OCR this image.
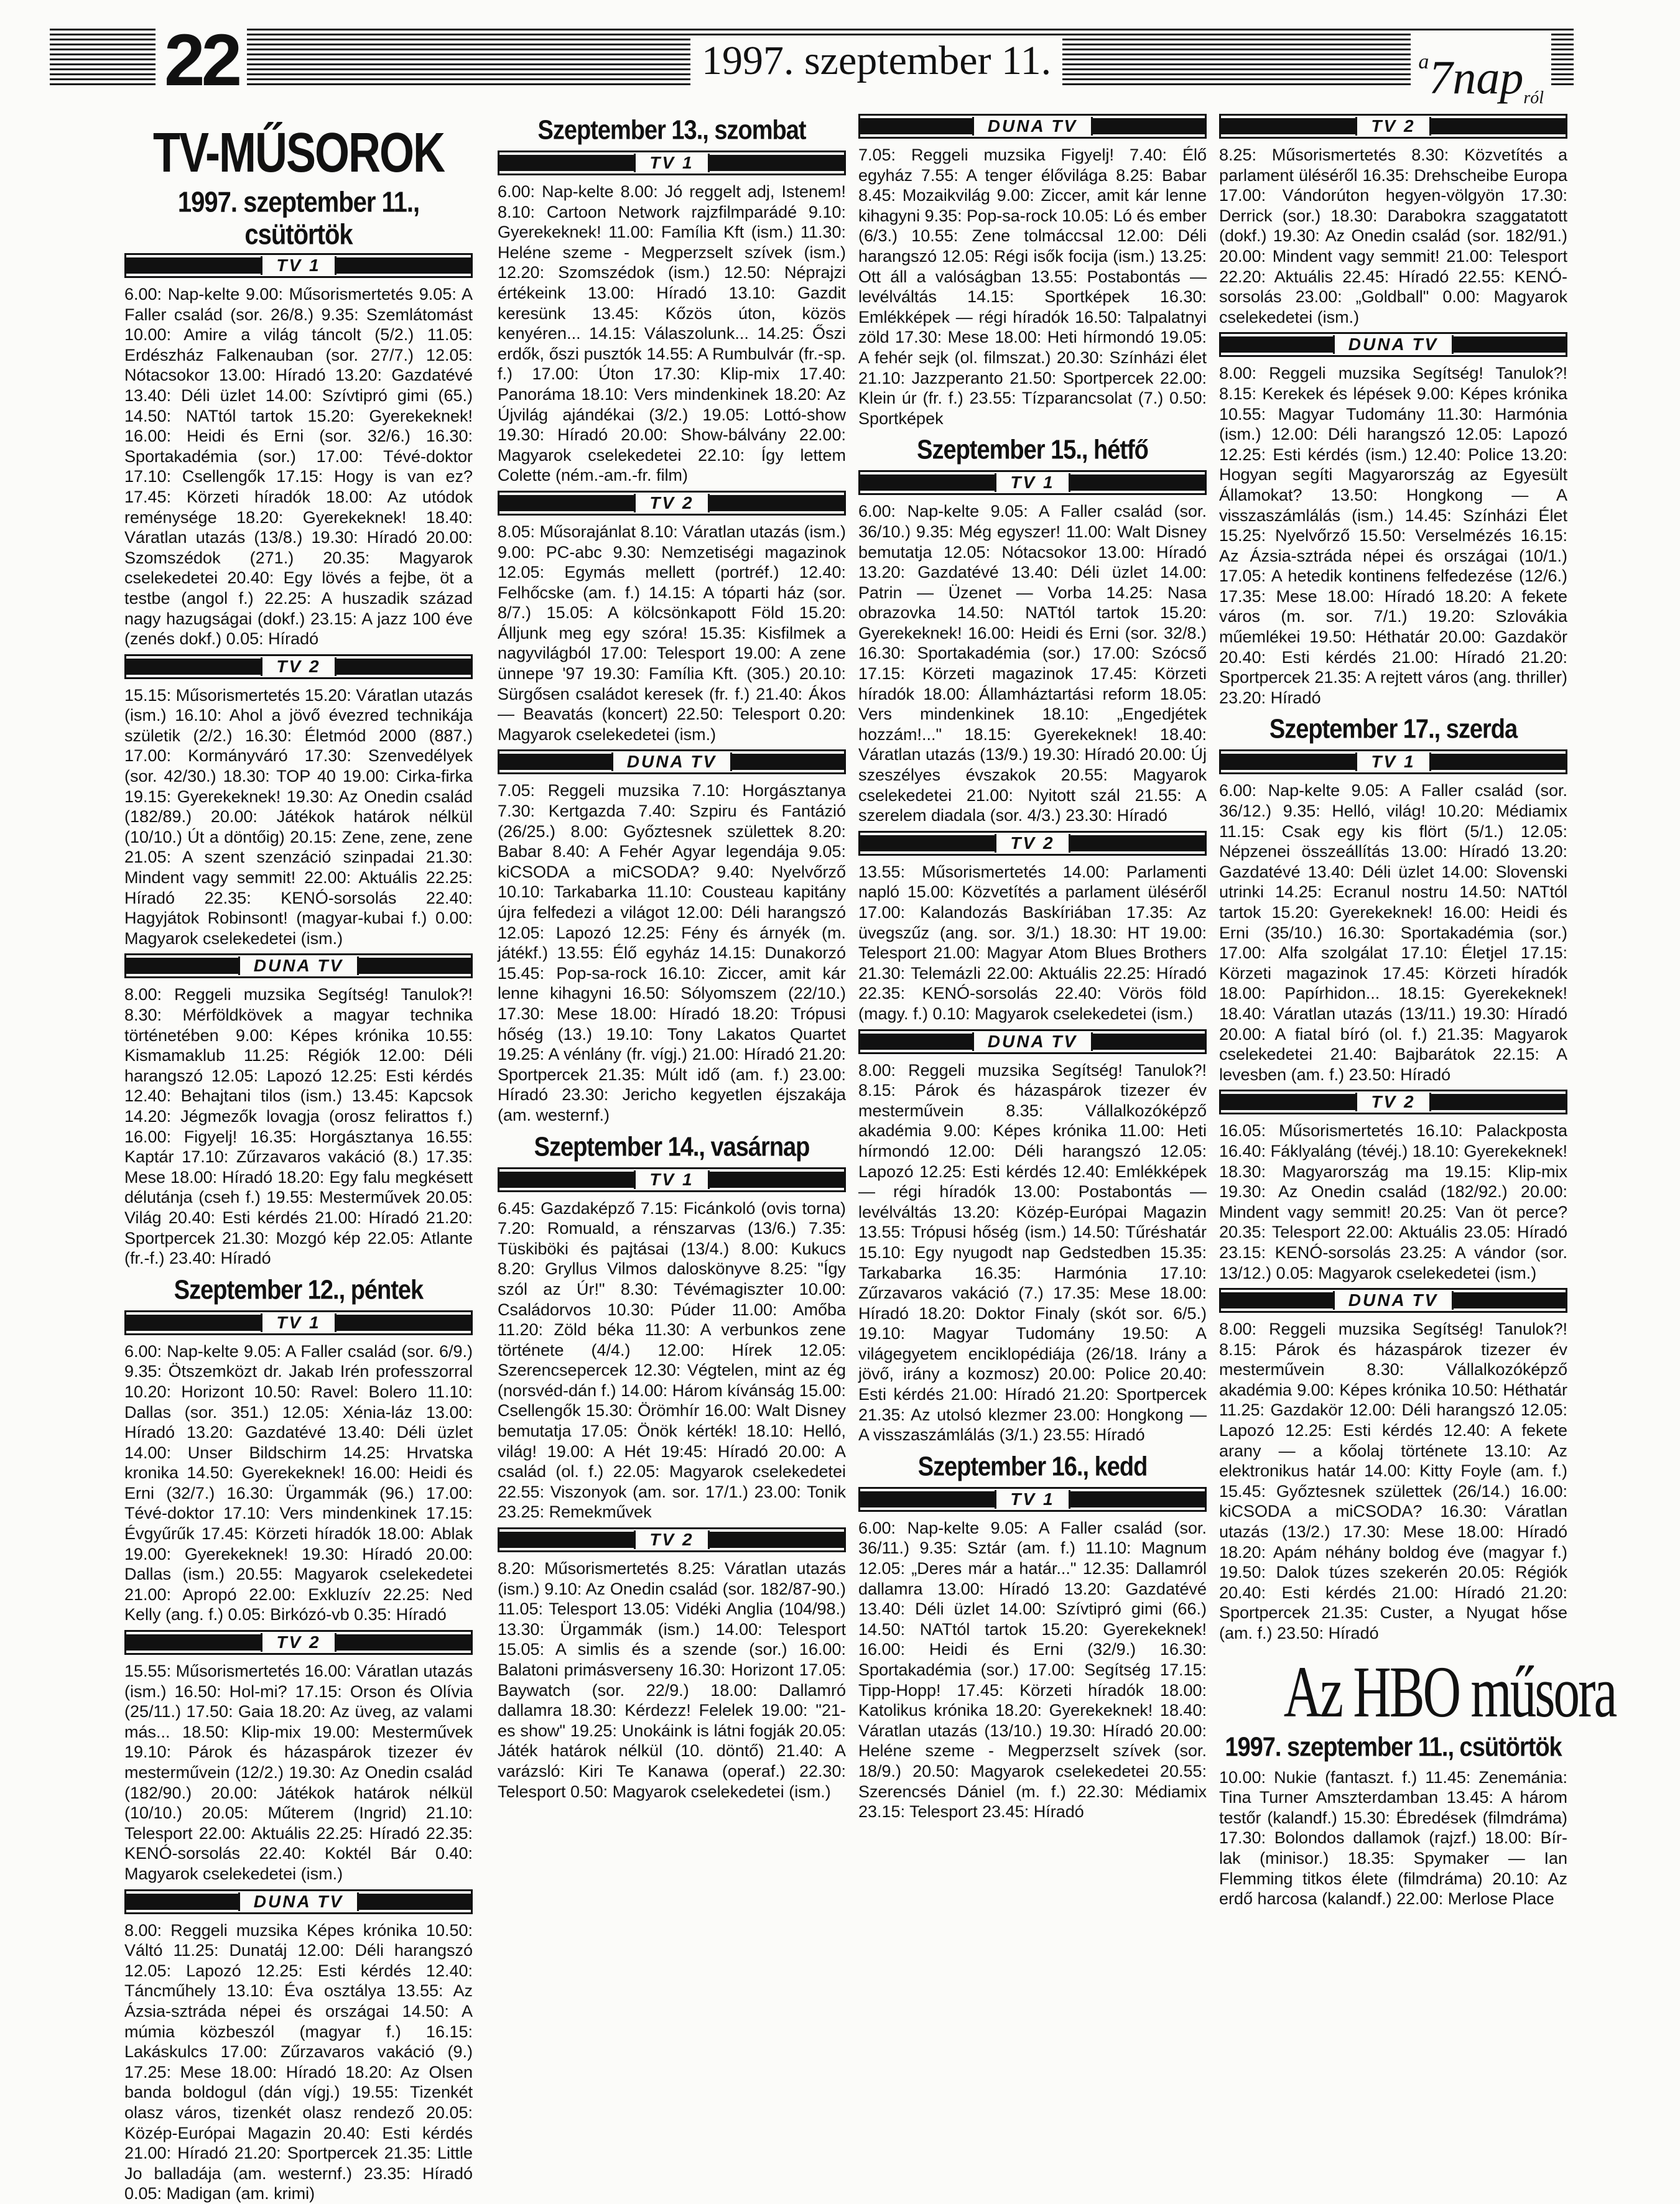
22	1997. szeptember 11.	$^a$7nap$_{ról}$
TV-MŰSOROK
1997. szeptember 11., csütörtök
TV 1
6.00: Nap-kelte 9.00: Műsorismertetés 9.05: A Faller család (sor. 26/8.) 9.35: Szemlátomást 10.00: Amire a világ táncolt (5/2.) 11.05: Erdészház Falkenauban (sor. 27/7.) 12.05: Nótacsokor 13.00: Híradó 13.20: Gazdatévé 13.40: Déli üzlet 14.00: Szívtipró gimi (65.) 14.50: NATtól tartok 15.20: Gyerekeknek! 16.00: Heidi és Erni (sor. 32/6.) 16.30: Sportakadémia (sor.) 17.00: Tévé-doktor 17.10: Csellengők 17.15: Hogy is van ez? 17.45: Körzeti híradók 18.00: Az utódok reménysége 18.20: Gyerekeknek! 18.40: Váratlan utazás (13/8.) 19.30: Híradó 20.00: Szomszédok (271.) 20.35: Magyarok cselekedetei 20.40: Egy lövés a fejbe, öt a testbe (angol f.) 22.25: A huszadik század nagy hazugságai (dokf.) 23.15: A jazz 100 éve (zenés dokf.) 0.05: Híradó
TV 2
15.15: Műsorismertetés 15.20: Váratlan utazás (ism.) 16.10: Ahol a jövő évezred technikája születik (2/2.) 16.30: Életmód 2000 (887.) 17.00: Kormányváró 17.30: Szenvedélyek (sor. 42/30.) 18.30: TOP 40 19.00: Cirka-firka 19.15: Gyerekeknek! 19.30: Az Onedin család (182/89.) 20.00: Játékok határok nélkül (10/10.) Út a döntőig) 20.15: Zene, zene, zene 21.05: A szent szenzáció szinpadai 21.30: Mindent vagy semmit! 22.00: Aktuális 22.25: Híradó 22.35: KENÓ-sorsolás 22.40: Hagyjátok Robinsont! (magyar-kubai f.) 0.00: Magyarok cselekedetei (ism.)
DUNA TV
8.00: Reggeli muzsika Segítség! Tanulok?! 8.30: Mérföldkövek a magyar technika történetében 9.00: Képes krónika 10.55: Kismamaklub 11.25: Régiók 12.00: Déli harangszó 12.05: Lapozó 12.25: Esti kérdés 12.40: Behajtani tilos (ism.) 13.45: Kapcsok 14.20: Jégmezők lovagja (orosz felirattos f.) 16.00: Figyelj! 16.35: Horgásztanya 16.55: Kaptár 17.10: Zűrzavaros vakáció (8.) 17.35: Mese 18.00: Híradó 18.20: Egy falu megkésett délutánja (cseh f.) 19.55: Mesterművek 20.05: Világ 20.40: Esti kérdés 21.00: Híradó 21.20: Sportpercek 21.30: Mozgó kép 22.05: Atlante (fr.-f.) 23.40: Híradó
Szeptember 12., péntek
TV 1
6.00: Nap-kelte 9.05: A Faller család (sor. 6/9.) 9.35: Ötszemközt dr. Jakab Irén professzorral 10.20: Horizont 10.50: Ravel: Bolero 11.10: Dallas (sor. 351.) 12.05: Xénia-láz 13.00: Híradó 13.20: Gazdatévé 13.40: Déli üzlet 14.00: Unser Bildschirm 14.25: Hrvatska kronika 14.50: Gyerekeknek! 16.00: Heidi és Erni (32/7.) 16.30: Ürgammák (96.) 17.00: Tévé-doktor 17.10: Vers mindenkinek 17.15: Évgyűrűk 17.45: Körzeti híradók 18.00: Ablak 19.00: Gyerekeknek! 19.30: Híradó 20.00: Dallas (ism.) 20.55: Magyarok cselekedetei 21.00: Apropó 22.00: Exkluzív 22.25: Ned Kelly (ang. f.) 0.05: Birkózó-vb 0.35: Híradó
TV 2
15.55: Műsorismertetés 16.00: Váratlan utazás (ism.) 16.50: Hol-mi? 17.15: Orson és Olívia (25/11.) 17.50: Gaia 18.20: Az üveg, az valami más... 18.50: Klip-mix 19.00: Mesterművek 19.10: Párok és házaspárok tizezer év mesterművein (12/2.) 19.30: Az Onedin család (182/90.) 20.00: Játékok határok nélkül (10/10.) 20.05: Műterem (Ingrid) 21.10: Telesport 22.00: Aktuális 22.25: Híradó 22.35: KENÓ-sorsolás 22.40: Koktél Bár 0.40: Magyarok cselekedetei (ism.)
DUNA TV
8.00: Reggeli muzsika Képes krónika 10.50: Váltó 11.25: Dunatáj 12.00: Déli harangszó 12.05: Lapozó 12.25: Esti kérdés 12.40: Táncműhely 13.10: Éva osztálya 13.55: Az Ázsia-sztráda népei és országai 14.50: A múmia közbeszól (magyar f.) 16.15: Lakáskulcs 17.00: Zűrzavaros vakáció (9.) 17.25: Mese 18.00: Híradó 18.20: Az Olsen banda boldogul (dán vígj.) 19.55: Tizenkét olasz város, tizenkét olasz rendező 20.05: Közép-Európai Magazin 20.40: Esti kérdés 21.00: Híradó 21.20: Sportpercek 21.35: Little Jo balladája (am. westernf.) 23.35: Híradó 0.05: Madigan (am. krimi)
Szeptember 13., szombat
TV 1
6.00: Nap-kelte 8.00: Jó reggelt adj, Istenem! 8.10: Cartoon Network rajzfilmparádé 9.10: Gyerekeknek! 11.00: Família Kft (ism.) 11.30: Heléne szeme - Megperzselt szívek (ism.) 12.20: Szomszédok (ism.) 12.50: Néprajzi értékeink 13.00: Híradó 13.10: Gazdit keresünk 13.45: Kőzös úton, közös kenyéren... 14.15: Válaszolunk... 14.25: Őszi erdők, őszi pusztók 14.55: A Rumbulvár (fr.-sp. f.) 17.00: Úton 17.30: Klip-mix 17.40: Panoráma 18.10: Vers mindenkinek 18.20: Az Újvilág ajándékai (3/2.) 19.05: Lottó-show 19.30: Híradó 20.00: Show-bálvány 22.00: Magyarok cselekedetei 22.10: Így lettem Colette (ném.-am.-fr. film)
TV 2
8.05: Műsorajánlat 8.10: Váratlan utazás (ism.) 9.00: PC-abc 9.30: Nemzetiségi magazinok 12.05: Egymás mellett (portréf.) 12.40: Felhőcske (am. f.) 14.15: A tóparti ház (sor. 8/7.) 15.05: A kölcsönkapott Föld 15.20: Álljunk meg egy szóra! 15.35: Kisfilmek a nagyvilágból 17.00: Telesport 19.00: A zene ünnepe '97 19.30: Família Kft. (305.) 20.10: Sürgősen családot keresek (fr. f.) 21.40: Ákos — Beavatás (koncert) 22.50: Telesport 0.20: Magyarok cselekedetei (ism.)
DUNA TV
7.05: Reggeli muzsika 7.10: Horgásztanya 7.30: Kertgazda 7.40: Szpiru és Fantázió (26/25.) 8.00: Győztesnek születtek 8.20: Babar 8.40: A Fehér Agyar legendája 9.05: kiCSODA a miCSODA? 9.40: Nyelvőrző 10.10: Tarkabarka 11.10: Cousteau kapitány újra felfedezi a világot 12.00: Déli harangszó 12.05: Lapozó 12.25: Fény és árnyék (m. játékf.) 13.55: Élő egyház 14.15: Dunakorzó 15.45: Pop-sa-rock 16.10: Ziccer, amit kár lenne kihagyni 16.50: Sólyomszem (22/10.) 17.30: Mese 18.00: Híradó 18.20: Trópusi hőség (13.) 19.10: Tony Lakatos Quartet 19.25: A vénlány (fr. vígj.) 21.00: Híradó 21.20: Sportpercek 21.35: Múlt idő (am. f.) 23.00: Híradó 23.30: Jericho kegyetlen éjszakája (am. westernf.)
Szeptember 14., vasárnap
TV 1
6.45: Gazdaképző 7.15: Ficánkoló (ovis torna) 7.20: Romuald, a rénszarvas (13/6.) 7.35: Tüskiböki és pajtásai (13/4.) 8.00: Kukucs 8.20: Gryllus Vilmos daloskönyve 8.25: "Így szól az Úr!" 8.30: Tévémagiszter 10.00: Családorvos 10.30: Púder 11.00: Amőba 11.20: Zöld béka 11.30: A verbunkos zene története (4/4.) 12.00: Hírek 12.05: Szerencsepercek 12.30: Végtelen, mint az ég (norsvéd-dán f.) 14.00: Három kívánság 15.00: Csellengők 15.30: Örömhír 16.00: Walt Disney bemutatja 17.05: Önök kérték! 18.10: Helló, világ! 19.00: A Hét 19:45: Híradó 20.00: A család (ol. f.) 22.05: Magyarok cselekedetei 22.55: Viszonyok (am. sor. 17/1.) 23.00: Tonik 23.25: Remekművek
TV 2
8.20: Műsorismertetés 8.25: Váratlan utazás (ism.) 9.10: Az Onedin család (sor. 182/87-90.) 11.05: Telesport 13.05: Vidéki Anglia (104/98.) 13.30: Ürgammák (ism.) 14.00: Telesport 15.05: A simlis és a szende (sor.) 16.00: Balatoni primásverseny 16.30: Horizont 17.05: Baywatch (sor. 22/9.) 18.00: Dallamró dallamra 18.30: Kérdezz! Felelek 19.00: "21-es show" 19.25: Unokáink is látni fogják 20.05: Játék határok nélkül (10. döntő) 21.40: A varázsló: Kiri Te Kanawa (operaf.) 22.30: Telesport 0.50: Magyarok cselekedetei (ism.)
DUNA TV
7.05: Reggeli muzsika Figyelj! 7.40: Élő egyház 7.55: A tenger élővilága 8.25: Babar 8.45: Mozaikvilág 9.00: Ziccer, amit kár lenne kihagyni 9.35: Pop-sa-rock 10.05: Ló és ember (6/3.) 10.55: Zene tolmáccsal 12.00: Déli harangszó 12.05: Régi isők focija (ism.) 13.25: Ott áll a valóságban 13.55: Postabontás — levélváltás 14.15: Sportképek 16.30: Emlékképek — régi híradók 16.50: Talpalatnyi zöld 17.30: Mese 18.00: Heti hírmondó 19.05: A fehér sejk (ol. filmszat.) 20.30: Színházi élet 21.10: Jazzperanto 21.50: Sportpercek 22.00: Klein úr (fr. f.) 23.55: Tízparancsolat (7.) 0.50: Sportképek
Szeptember 15., hétfő
TV 1
6.00: Nap-kelte 9.05: A Faller család (sor. 36/10.) 9.35: Még egyszer! 11.00: Walt Disney bemutatja 12.05: Nótacsokor 13.00: Híradó 13.20: Gazdatévé 13.40: Déli üzlet 14.00: Patrin — Üzenet — Vorba 14.25: Nasa obrazovka 14.50: NATtól tartok 15.20: Gyerekeknek! 16.00: Heidi és Erni (sor. 32/8.) 16.30: Sportakadémia (sor.) 17.00: Szócső 17.15: Körzeti magazinok 17.45: Körzeti híradók 18.00: Államháztartási reform 18.05: Vers mindenkinek 18.10: „Engedjétek hozzám!..." 18.15: Gyerekeknek! 18.40: Váratlan utazás (13/9.) 19.30: Híradó 20.00: Új szeszélyes évszakok 20.55: Magyarok cselekedetei 21.00: Nyitott szál 21.55: A szerelem diadala (sor. 4/3.) 23.30: Híradó
TV 2
13.55: Műsorismertetés 14.00: Parlamenti napló 15.00: Közvetítés a parlament üléséről 17.00: Kalandozás Baskíriában 17.35: Az üvegszűz (ang. sor. 3/1.) 18.30: HT 19.00: Telesport 21.00: Magyar Atom Blues Brothers 21.30: Telemázli 22.00: Aktuális 22.25: Híradó 22.35: KENÓ-sorsolás 22.40: Vörös föld (magy. f.) 0.10: Magyarok cselekedetei (ism.)
DUNA TV
8.00: Reggeli muzsika Segítség! Tanulok?! 8.15: Párok és házaspárok tizezer év mesterművein 8.35: Vállalkozóképző akadémia 9.00: Képes krónika 11.00: Heti hírmondó 12.00: Déli harangszó 12.05: Lapozó 12.25: Esti kérdés 12.40: Emlékképek — régi híradók 13.00: Postabontás — levélváltás 13.20: Közép-Európai Magazin 13.55: Trópusi hőség (ism.) 14.50: Tűréshatár 15.10: Egy nyugodt nap Gedstedben 15.35: Tarkabarka 16.35: Harmónia 17.10: Zűrzavaros vakáció (7.) 17.35: Mese 18.00: Híradó 18.20: Doktor Finaly (skót sor. 6/5.) 19.10: Magyar Tudomány 19.50: A világegyetem enciklopédiája (26/18. Irány a jövő, irány a kozmosz) 20.00: Police 20.40: Esti kérdés 21.00: Híradó 21.20: Sportpercek 21.35: Az utolsó klezmer 23.00: Hongkong — A visszaszámlálás (3/1.) 23.55: Híradó
Szeptember 16., kedd
TV 1
6.00: Nap-kelte 9.05: A Faller család (sor. 36/11.) 9.35: Sztár (am. f.) 11.10: Magnum 12.05: „Deres már a határ..." 12.35: Dallamról dallamra 13.00: Híradó 13.20: Gazdatévé 13.40: Déli üzlet 14.00: Szívtipró gimi (66.) 14.50: NATtól tartok 15.20: Gyerekeknek! 16.00: Heidi és Erni (32/9.) 16.30: Sportakadémia (sor.) 17.00: Segítség 17.15: Tipp-Hopp! 17.45: Körzeti híradók 18.00: Katolikus krónika 18.20: Gyerekeknek! 18.40: Váratlan utazás (13/10.) 19.30: Híradó 20.00: Heléne szeme - Megperzselt szívek (sor. 18/9.) 20.50: Magyarok cselekedetei 20.55: Szerencsés Dániel (m. f.) 22.30: Médiamix 23.15: Telesport 23.45: Híradó
TV 2
8.25: Műsorismertetés 8.30: Közvetítés a parlament üléséről 16.35: Drehscheibe Europa 17.00: Vándorúton hegyen-völgyön 17.30: Derrick (sor.) 18.30: Darabokra szaggatatott (dokf.) 19.30: Az Onedin család (sor. 182/91.) 20.00: Mindent vagy semmit! 21.00: Telesport 22.20: Aktuális 22.45: Híradó 22.55: KENÓ-sorsolás 23.00: „Goldball" 0.00: Magyarok cselekedetei (ism.)
DUNA TV
8.00: Reggeli muzsika Segítség! Tanulok?! 8.15: Kerekek és lépések 9.00: Képes krónika 10.55: Magyar Tudomány 11.30: Harmónia (ism.) 12.00: Déli harangszó 12.05: Lapozó 12.25: Esti kérdés (ism.) 12.40: Police 13.20: Hogyan segíti Magyarország az Egyesült Államokat? 13.50: Hongkong — A visszaszámlálás (ism.) 14.45: Színházi Élet 15.25: Nyelvőrző 15.50: Verselmézés 16.15: Az Ázsia-sztráda népei és országai (10/1.) 17.05: A hetedik kontinens felfedezése (12/6.) 17.35: Mese 18.00: Híradó 18.20: A fekete város (m. sor. 7/1.) 19.20: Szlovákia műemlékei 19.50: Héthatár 20.00: Gazdakör 20.40: Esti kérdés 21.00: Híradó 21.20: Sportpercek 21.35: A rejtett város (ang. thriller) 23.20: Híradó
Szeptember 17., szerda
TV 1
6.00: Nap-kelte 9.05: A Faller család (sor. 36/12.) 9.35: Helló, világ! 10.20: Médiamix 11.15: Csak egy kis flört (5/1.) 12.05: Népzenei összeállítás 13.00: Híradó 13.20: Gazdatévé 13.40: Déli üzlet 14.00: Slovenski utrinki 14.25: Ecranul nostru 14.50: NATtól tartok 15.20: Gyerekeknek! 16.00: Heidi és Erni (35/10.) 16.30: Sportakadémia (sor.) 17.00: Alfa szolgálat 17.10: Életjel 17.15: Körzeti magazinok 17.45: Körzeti híradók 18.00: Papírhidon... 18.15: Gyerekeknek! 18.40: Váratlan utazás (13/11.) 19.30: Híradó 20.00: A fiatal bíró (ol. f.) 21.35: Magyarok cselekedetei 21.40: Bajbarátok 22.15: A levesben (am. f.) 23.50: Híradó
TV 2
16.05: Műsorismertetés 16.10: Palackposta 16.40: Fáklyaláng (tévéj.) 18.10: Gyerekeknek! 18.30: Magyarország ma 19.15: Klip-mix 19.30: Az Onedin család (182/92.) 20.00: Mindent vagy semmit! 20.25: Van öt perce? 20.35: Telesport 22.00: Aktuális 23.05: Híradó 23.15: KENÓ-sorsolás 23.25: A vándor (sor. 13/12.) 0.05: Magyarok cselekedetei (ism.)
DUNA TV
8.00: Reggeli muzsika Segítség! Tanulok?! 8.15: Párok és házaspárok tizezer év mesterművein 8.30: Vállalkozóképző akadémia 9.00: Képes krónika 10.50: Héthatár 11.25: Gazdakör 12.00: Déli harangszó 12.05: Lapozó 12.25: Esti kérdés 12.40: A fekete arany — a kőolaj története 13.10: Az elektronikus határ 14.00: Kitty Foyle (am. f.) 15.45: Győztesnek születtek (26/14.) 16.00: kiCSODA a miCSODA? 16.30: Váratlan utazás (13/2.) 17.30: Mese 18.00: Híradó 18.20: Apám néhány boldog éve (magyar f.) 19.50: Dalok túzes szekerén 20.05: Régiók 20.40: Esti kérdés 21.00: Híradó 21.20: Sportpercek 21.35: Custer, a Nyugat hőse (am. f.) 23.50: Híradó
Az HBO műsora
1997. szeptember 11., csütörtök
10.00: Nukie (fantaszt. f.) 11.45: Zenemánia: Tina Turner Amszterdamban 13.45: A három testőr (kalandf.) 15.30: Ébredések (filmdráma) 17.30: Bolondos dallamok (rajzf.) 18.00: Bír-lak (minisor.) 18.35: Spymaker — Ian Flemming titkos élete (filmdráma) 20.10: Az erdő harcosa (kalandf.) 22.00: Merlose Place
